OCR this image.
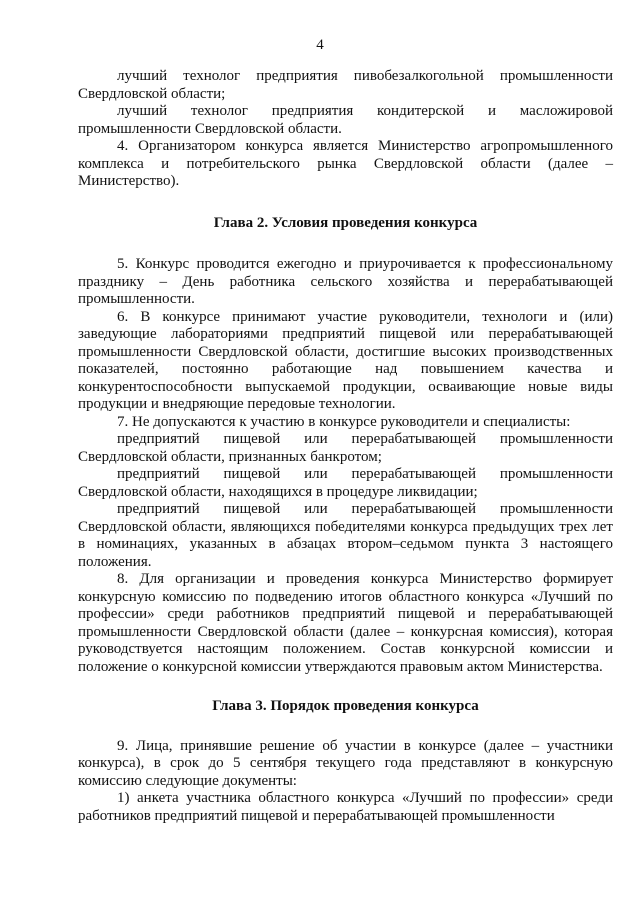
4

лучший технолог предприятия пивобезалкогольной промышленности Свердловской области;

лучший технолог предприятия кондитерской и масложировой промышленности Свердловской области.

4. Организатором конкурса является Министерство агропромышленного комплекса и потребительского рынка Свердловской области (далее – Министерство).

Глава 2. Условия проведения конкурса

5. Конкурс проводится ежегодно и приурочивается к профессиональному празднику – День работника сельского хозяйства и перерабатывающей промышленности.

6. В конкурсе принимают участие руководители, технологи и (или) заведующие лабораториями предприятий пищевой или перерабатывающей промышленности Свердловской области, достигшие высоких производственных показателей, постоянно работающие над повышением качества и конкурентоспособности выпускаемой продукции, осваивающие новые виды продукции и внедряющие передовые технологии.

7. Не допускаются к участию в конкурсе руководители и специалисты:

предприятий пищевой или перерабатывающей промышленности Свердловской области, признанных банкротом;

предприятий пищевой или перерабатывающей промышленности Свердловской области, находящихся в процедуре ликвидации;

предприятий пищевой или перерабатывающей промышленности Свердловской области, являющихся победителями конкурса предыдущих трех лет в номинациях, указанных в абзацах втором–седьмом пункта 3 настоящего положения.

8. Для организации и проведения конкурса Министерство формирует конкурсную комиссию по подведению итогов областного конкурса «Лучший по профессии» среди работников предприятий пищевой и перерабатывающей промышленности Свердловской области (далее – конкурсная комиссия), которая руководствуется настоящим положением. Состав конкурсной комиссии и положение о конкурсной комиссии утверждаются правовым актом Министерства.

Глава 3. Порядок проведения конкурса

9. Лица, принявшие решение об участии в конкурсе (далее – участники конкурса), в срок до 5 сентября текущего года представляют в конкурсную комиссию следующие документы:

1) анкета участника областного конкурса «Лучший по профессии» среди работников предприятий пищевой и перерабатывающей промышленности
